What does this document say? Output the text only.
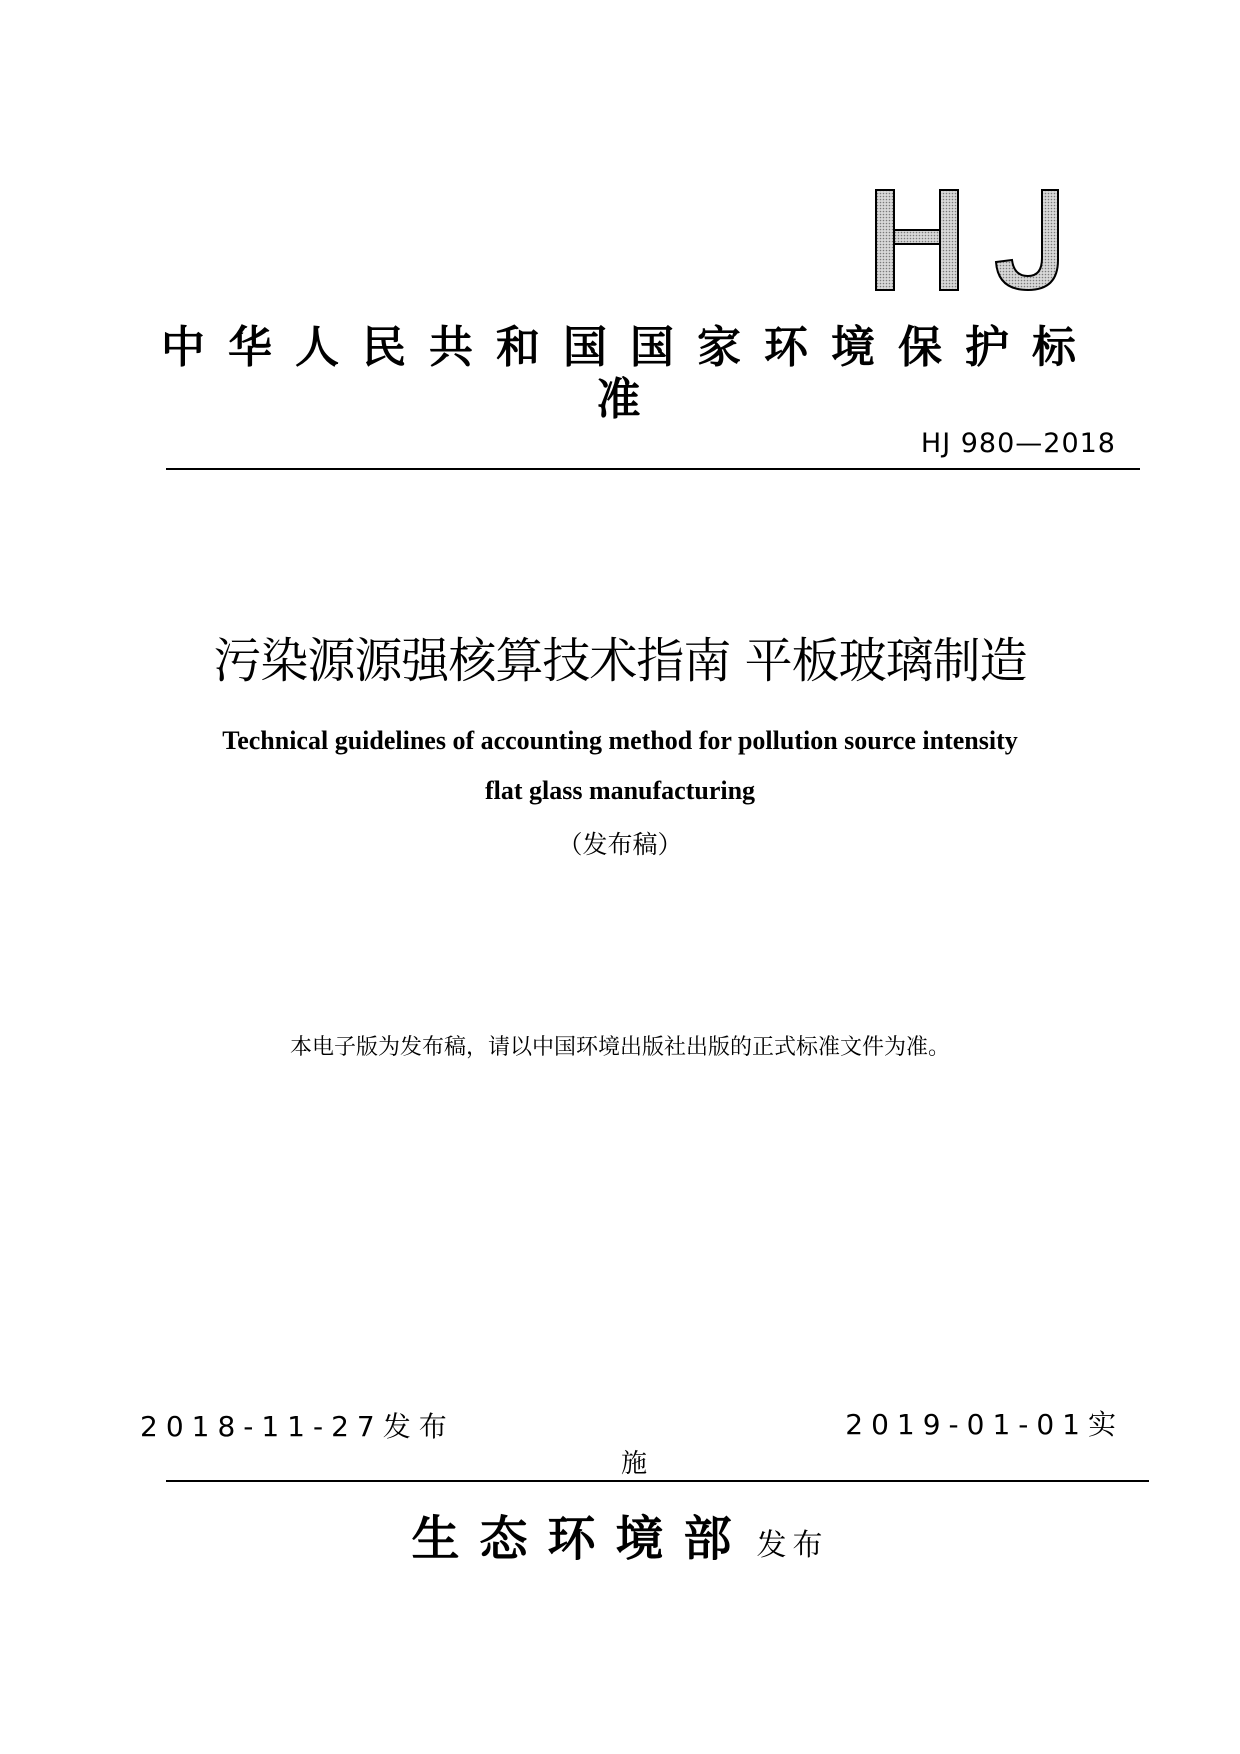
中华人民共和国国家环境保护标准
HJ 980—2018
污染源源强核算技术指南 平板玻璃制造
Technical guidelines of accounting method for pollution source intensity
flat glass manufacturing
（发布稿）
本电子版为发布稿，请以中国环境出版社出版的正式标准文件为准。
2018-11-27发布	2019-01-01实
施
生态环境部 发布
